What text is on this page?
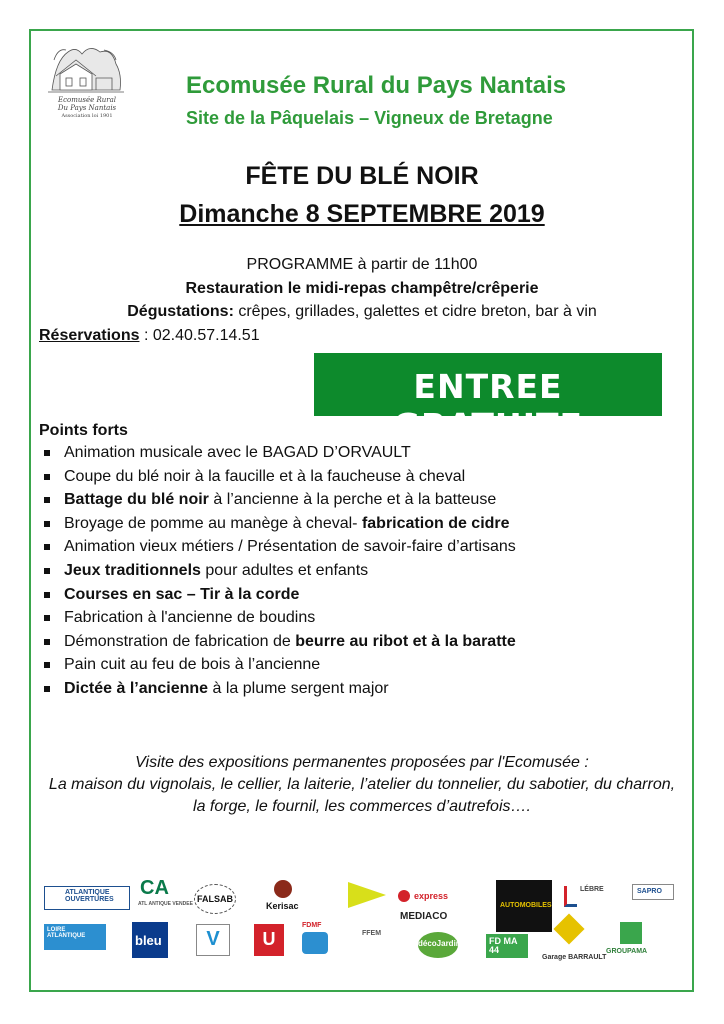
Ecomusée Rural
Du Pays Nantais
Association loi 1901
Ecomusée Rural du Pays Nantais
Site de la Pâquelais – Vigneux de Bretagne
FÊTE DU BLÉ NOIR
Dimanche 8 SEPTEMBRE 2019
PROGRAMME à partir de 11h00
Restauration le midi-repas champêtre/crêperie
Dégustations: crêpes, grillades, galettes et cidre breton, bar à vin
Réservations : 02.40.57.14.51
ENTREE GRATUITE
Points forts
Animation musicale avec le BAGAD D’ORVAULT
Coupe du blé noir à la faucille et à la faucheuse à cheval
Battage du blé noir à l’ancienne à la perche et à la batteuse
Broyage de pomme au manège à cheval- fabrication de cidre
Animation vieux métiers / Présentation de savoir-faire d’artisans
Jeux traditionnels pour adultes et enfants
Courses en sac – Tir à la corde
Fabrication à l'ancienne de boudins
Démonstration de fabrication de beurre au ribot et à la baratte
Pain cuit au feu de bois à l’ancienne
Dictée à l’ancienne à la plume sergent major
Visite des expositions permanentes proposées par l'Ecomusée :
La maison du vignolais, le cellier, la laiterie, l’atelier du tonnelier, du sabotier, du charron,
la forge, le fournil, les commerces d’autrefois….
ATLANTIQUE OUVERTURES
CA
ATL ANTIQUE VENDEE FALSAB
Kerisac
express
MEDIACO
AUTOMOBILES
LÉBRE	SAPRO
LOIRE ATLANTIQUE	bleu	V	U
FDMF
FFEM
décoJardin	FD MA 44
Garage BARRAULT
GROUPAMA
